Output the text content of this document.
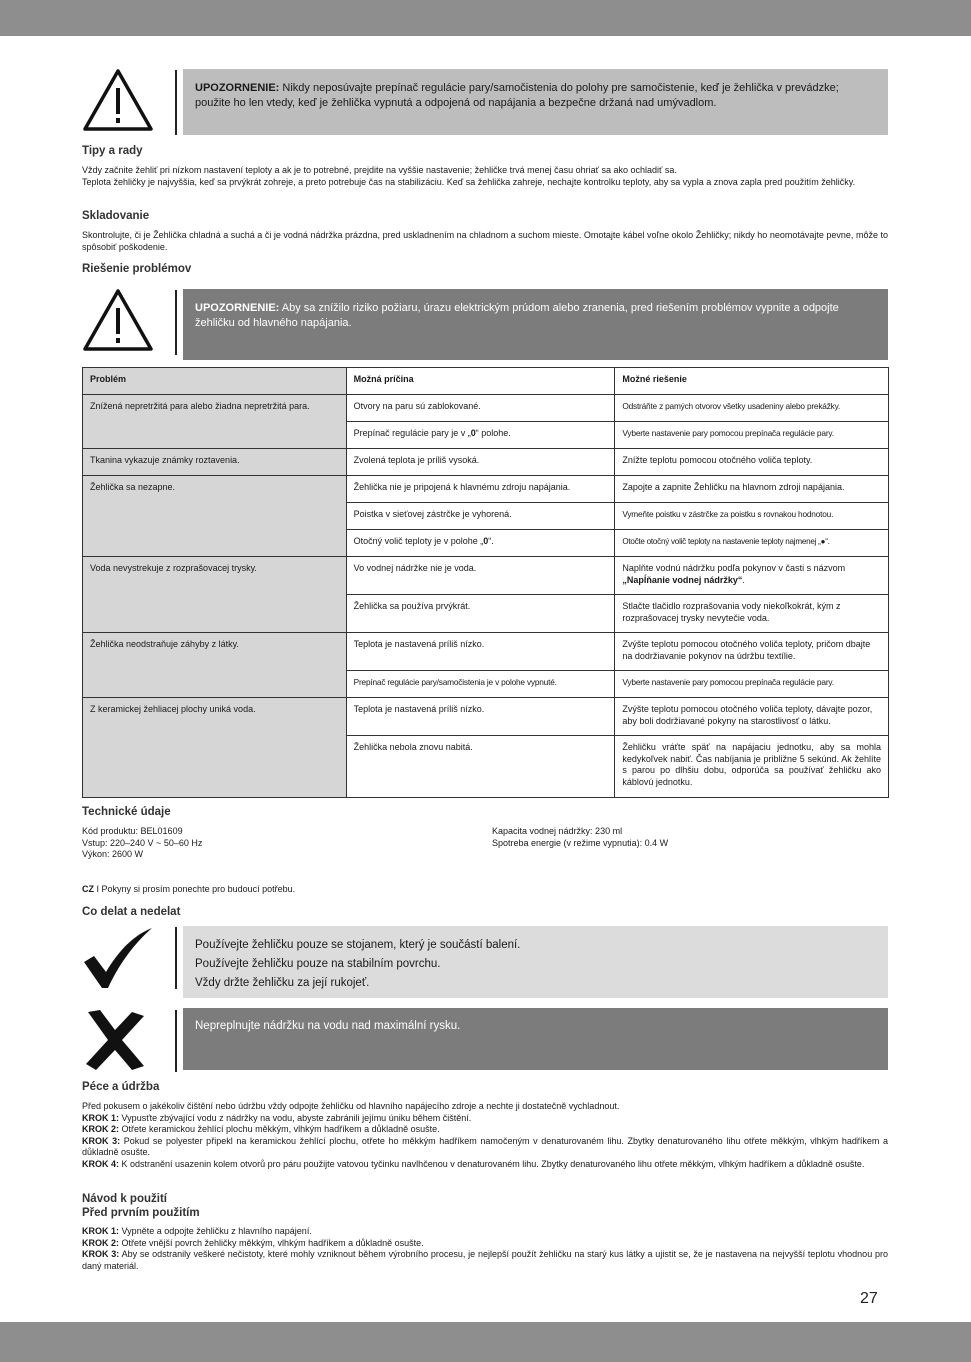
UPOZORNENIE: Nikdy neposúvajte prepínač regulácie pary/samočistenia do polohy pre samočistenie, keď je žehlička v prevádzke; použite ho len vtedy, keď je žehlička vypnutá a odpojená od napájania a bezpečne držaná nad umývadlom.
Tipy a rady

Vždy začnite žehliť pri nízkom nastavení teploty a ak je to potrebné, prejdite na vyššie nastavenie; žehličke trvá menej času ohriať sa ako ochladiť sa.

Teplota žehličky je najvyššia, keď sa prvýkrát zohreje, a preto potrebuje čas na stabilizáciu. Keď sa žehlička zahreje, nechajte kontrolku teploty, aby sa vypla a znova zapla pred použitím žehličky.

Skladovanie

Skontrolujte, či je Žehlička chladná a suchá a či je vodná nádržka prázdna, pred uskladnením na chladnom a suchom mieste. Omotajte kábel voľne okolo Žehličky; nikdy ho neomotávajte pevne, môže to spôsobiť poškodenie.

Riešenie problémov
UPOZORNENIE: Aby sa znížilo riziko požiaru, úrazu elektrickým prúdom alebo zranenia, pred riešením problémov vypnite a odpojte žehličku od hlavného napájania.
Problém	Možná príčina	Možné riešenie
Znížená nepretržitá para alebo žiadna nepretržitá para.	Otvory na paru sú zablokované.	Odstráňte z pamých otvorov všetky usadeniny alebo prekážky.
	Prepínač regulácie pary je v „0“ polohe.	Vyberte nastavenie pary pomocou prepínača regulácie pary.
Tkanina vykazuje známky roztavenia.	Zvolená teplota je príliš vysoká.	Znížte teplotu pomocou otočného voliča teploty.
Žehlička sa nezapne.	Žehlička nie je pripojená k hlavnému zdroju napájania.	Zapojte a zapnite Žehličku na hlavnom zdroji napájania.
	Poistka v sieťovej zástrčke je vyhorená.	Vymeňte poistku v zástrčke za poistku s rovnakou hodnotou.
	Otočný volič teploty je v polohe „0“.	Otočte otočný volič teploty na nastavenie teploty najmenej „●“.
Voda nevystrekuje z rozprašovacej trysky.	Vo vodnej nádržke nie je voda.	Naplňte vodnú nádržku podľa pokynov v časti s názvom „Napĺňanie vodnej nádržky“.
	Žehlička sa používa prvýkrát.	Stlačte tlačidlo rozprašovania vody niekoľkokrát, kým z rozprašovacej trysky nevytečie voda.
Žehlička neodstraňuje záhyby z látky.	Teplota je nastavená príliš nízko.	Zvýšte teplotu pomocou otočného voliča teploty, pričom dbajte na dodržiavanie pokynov na údržbu textílie.
	Prepínač regulácie pary/samočistenia je v polohe vypnuté.	Vyberte nastavenie pary pomocou prepínača regulácie pary.
Z keramickej žehliacej plochy uniká voda.	Teplota je nastavená príliš nízko.	Zvýšte teplotu pomocou otočného voliča teploty, dávajte pozor, aby boli dodržiavané pokyny na starostlivosť o látku.
	Žehlička nebola znovu nabitá.	Žehličku vráťte späť na napájaciu jednotku, aby sa mohla kedykoľvek nabiť. Čas nabíjania je približne 5 sekúnd. Ak žehlíte s parou po dlhšiu dobu, odporúča sa používať žehličku ako káblovú jednotku.
Technické údaje
Kód produktu: BEL01609
Vstup: 220–240 V ~ 50–60 Hz
Výkon: 2600 W
Kapacita vodnej nádržky: 230 ml
Spotreba energie (v režime vypnutia): 0.4 W
CZ I Pokyny si prosím ponechte pro budoucí potřebu.
Co delat a nedelat
Používejte žehličku pouze se stojanem, který je součástí balení.
Používejte žehličku pouze na stabilním povrchu.
Vždy držte žehličku za její rukojeť.
Nepreplnujte nádržku na vodu nad maximální rysku.
Péce a údržba
Před pokusem o jakékoliv čištění nebo údržbu vždy odpojte žehličku od hlavního napájecího zdroje a nechte ji dostatečně vychladnout.
KROK 1: Vypusťte zbývající vodu z nádržky na vodu, abyste zabránili jejímu úniku během čištění.
KROK 2: Otřete keramickou žehlící plochu měkkým, vlhkým hadříkem a důkladně osušte.
KROK 3: Pokud se polyester připekl na keramickou žehlící plochu, otřete ho měkkým hadříkem namočeným v denaturovaném lihu. Zbytky denaturovaného lihu otřete měkkým, vlhkým hadříkem a důkladně osušte.
KROK 4: K odstranění usazenin kolem otvorů pro páru použijte vatovou tyčinku navlhčenou v denaturovaném lihu. Zbytky denaturovaného lihu otřete měkkým, vlhkým hadříkem a důkladně osušte.
Návod k použití
Před prvním použitím
KROK 1: Vypněte a odpojte žehličku z hlavního napájení.
KROK 2: Otřete vnější povrch žehličky měkkým, vlhkým hadříkem a důkladně osušte.
KROK 3: Aby se odstranily veškeré nečistoty, které mohly vzniknout během výrobního procesu, je nejlepší použít žehličku na starý kus látky a ujistit se, že je nastavena na nejvyšší teplotu vhodnou pro daný materiál.
27
